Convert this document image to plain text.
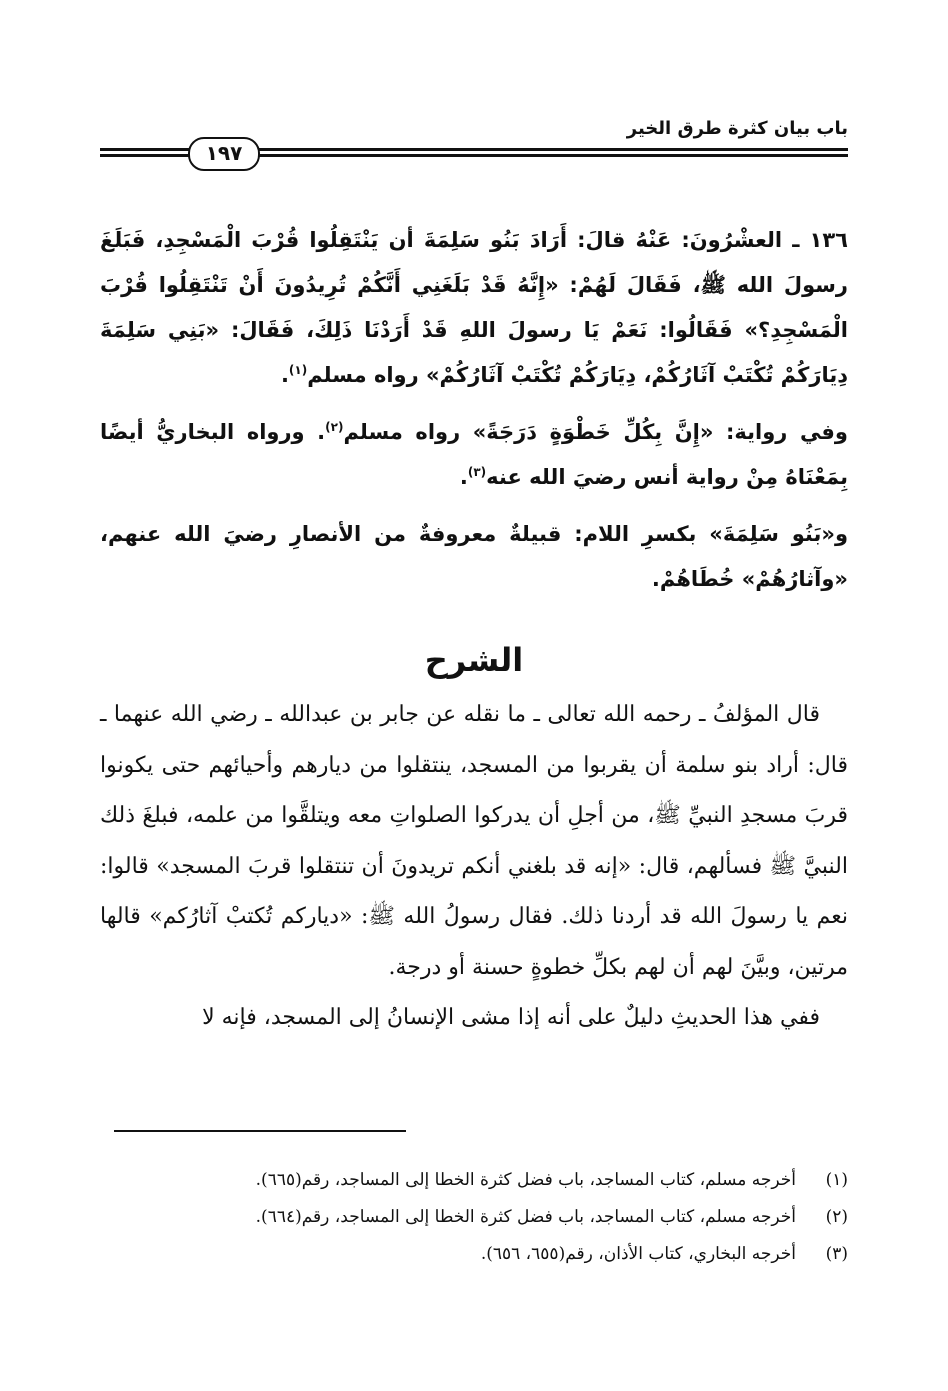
باب بيان كثرة طرق الخير
١٩٧

١٣٦ ـ العشْرُونَ: عَنْهُ قالَ: أَرَادَ بَنُو سَلِمَةَ أن يَنْتَقِلُوا قُرْبَ الْمَسْجِدِ، فَبَلَغَ رسولَ الله ﷺ، فَقَالَ لَهُمْ: «إِنَّهُ قَدْ بَلَغَنِي أَنَّكُمْ تُرِيدُونَ أَنْ تَنْتَقِلُوا قُرْبَ الْمَسْجِدِ؟» فَقَالُوا: نَعَمْ يَا رسولَ اللهِ قَدْ أَرَدْنَا ذَلِكَ، فَقَالَ: «بَنِي سَلِمَةَ دِيَارَكُمْ تُكْتَبْ آثَارُكُمْ، دِيَارَكُمْ تُكْتَبْ آثَارُكُمْ» رواه مسلم$^{(١)}$.

وفي رواية: «إِنَّ بِكُلِّ خَطْوَةٍ دَرَجَةً» رواه مسلم$^{(٢)}$. ورواه البخاريُّ أيضًا بِمَعْنَاهُ مِنْ رواية أنس رضيَ الله عنه$^{(٣)}$.

و«بَنُو سَلِمَةَ» بكسرِ اللام: قبيلةٌ معروفةٌ من الأنصارِ رضيَ الله عنهم، «وآثارُهُمْ» خُطَاهُمْ.

الشرح

قال المؤلفُ ـ رحمه الله تعالى ـ ما نقله عن جابر بن عبدالله ـ رضي الله عنهما ـ قال: أراد بنو سلمة أن يقربوا من المسجد، ينتقلوا من ديارهم وأحيائهم حتى يكونوا قربَ مسجدِ النبيِّ ﷺ، من أجلِ أن يدركوا الصلواتِ معه ويتلقَّوا من علمه، فبلغَ ذلك النبيَّ ﷺ فسألهم، قال: «إنه قد بلغني أنكم تريدونَ أن تنتقلوا قربَ المسجد» قالوا: نعم يا رسولَ الله قد أردنا ذلك. فقال رسولُ الله ﷺ: «دياركم تُكتبْ آثارُكم» قالها مرتين، وبيَّنَ لهم أن لهم بكلِّ خطوةٍ حسنة أو درجة.

ففي هذا الحديثِ دليلٌ على أنه إذا مشى الإنسانُ إلى المسجد، فإنه لا

(١)أخرجه مسلم، كتاب المساجد، باب فضل كثرة الخطا إلى المساجد، رقم(٦٦٥).
(٢)أخرجه مسلم، كتاب المساجد، باب فضل كثرة الخطا إلى المساجد، رقم(٦٦٤).
(٣)أخرجه البخاري، كتاب الأذان، رقم(٦٥٥، ٦٥٦).
